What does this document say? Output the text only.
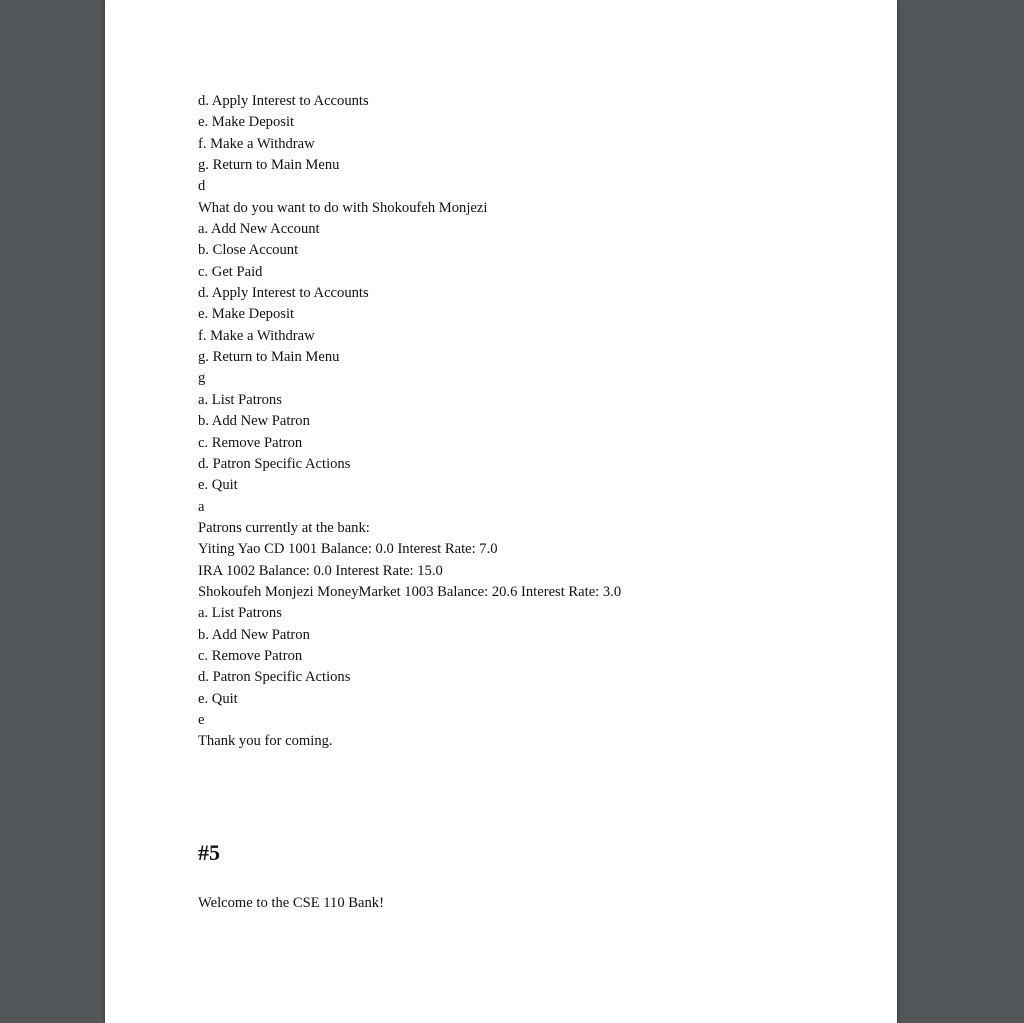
d. Apply Interest to Accounts
e. Make Deposit
f. Make a Withdraw
g. Return to Main Menu
d
What do you want to do with Shokoufeh Monjezi
a. Add New Account
b. Close Account
c. Get Paid
d. Apply Interest to Accounts
e. Make Deposit
f. Make a Withdraw
g. Return to Main Menu
g
a. List Patrons
b. Add New Patron
c. Remove Patron
d. Patron Specific Actions
e. Quit
a
Patrons currently at the bank:
Yiting Yao CD 1001 Balance: 0.0 Interest Rate: 7.0
IRA 1002 Balance: 0.0 Interest Rate: 15.0
Shokoufeh Monjezi MoneyMarket 1003 Balance: 20.6 Interest Rate: 3.0
a. List Patrons
b. Add New Patron
c. Remove Patron
d. Patron Specific Actions
e. Quit
e
Thank you for coming.
#5
Welcome to the CSE 110 Bank!
